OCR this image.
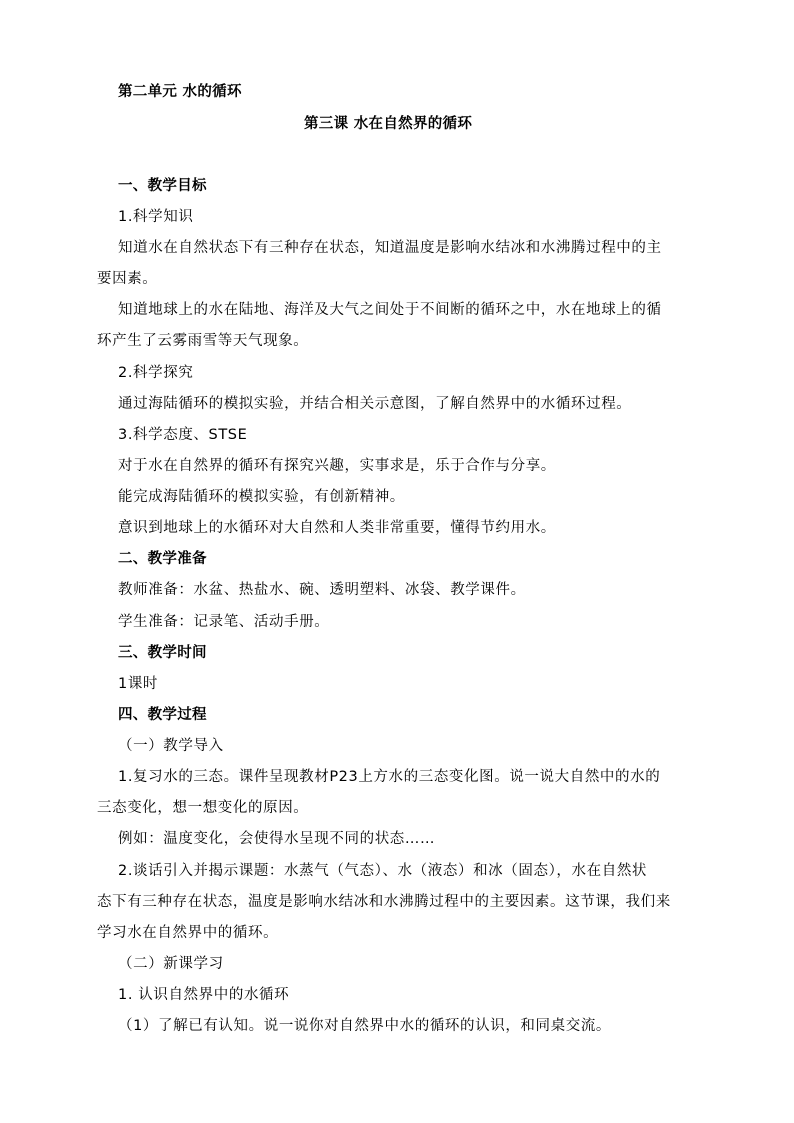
第二单元 水的循环
第三课 水在自然界的循环
一、教学目标
1.科学知识
知道水在自然状态下有三种存在状态，知道温度是影响水结冰和水沸腾过程中的主
要因素。
知道地球上的水在陆地、海洋及大气之间处于不间断的循环之中，水在地球上的循
环产生了云雾雨雪等天气现象。
2.科学探究
通过海陆循环的模拟实验，并结合相关示意图，了解自然界中的水循环过程。
3.科学态度、STSE
对于水在自然界的循环有探究兴趣，实事求是，乐于合作与分享。
能完成海陆循环的模拟实验，有创新精神。
意识到地球上的水循环对大自然和人类非常重要，懂得节约用水。
二、教学准备
教师准备：水盆、热盐水、碗、透明塑料、冰袋、教学课件。
学生准备：记录笔、活动手册。
三、教学时间
1课时
四、教学过程
（一）教学导入
1.复习水的三态。课件呈现教材P23上方水的三态变化图。说一说大自然中的水的
三态变化，想一想变化的原因。
例如：温度变化，会使得水呈现不同的状态……
2.谈话引入并揭示课题：水蒸气（气态）、水（液态）和冰（固态），水在自然状
态下有三种存在状态，温度是影响水结冰和水沸腾过程中的主要因素。这节课，我们来
学习水在自然界中的循环。
（二）新课学习
1. 认识自然界中的水循环
（1）了解已有认知。说一说你对自然界中水的循环的认识，和同桌交流。
